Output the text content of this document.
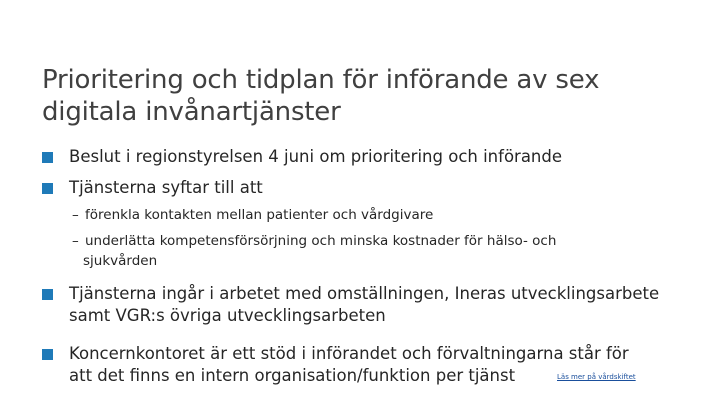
Prioritering och tidplan för införande av sex
digitala invånartjänster
Beslut i regionstyrelsen 4 juni om prioritering och införande
Tjänsterna syftar till att
– förenkla kontakten mellan patienter och vårdgivare
– underlätta kompetensförsörjning och minska kostnader för hälso- och
sjukvården
Tjänsterna ingår i arbetet med omställningen, Ineras utvecklingsarbete
samt VGR:s övriga utvecklingsarbeten
Koncernkontoret är ett stöd i införandet och förvaltningarna står för
att det finns en intern organisation/funktion per tjänst	Läs mer på vårdskiftet
